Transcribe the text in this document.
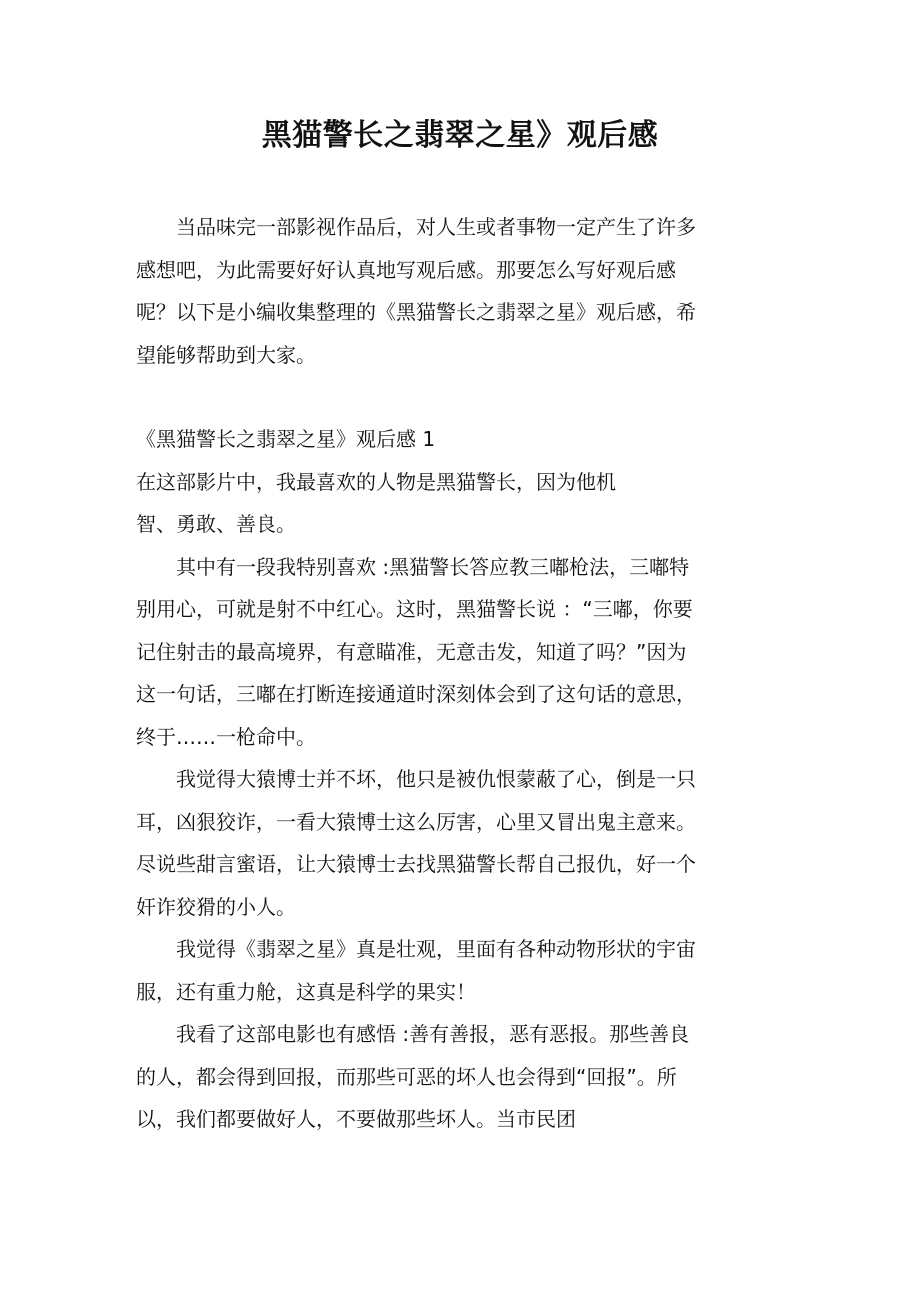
黑猫警长之翡翠之星》观后感

当品味完一部影视作品后，对人生或者事物一定产生了许多感想吧，为此需要好好认真地写观后感。那要怎么写好观后感呢？以下是小编收集整理的《黑猫警长之翡翠之星》观后感，希望能够帮助到大家。

《黑猫警长之翡翠之星》观后感 1
在这部影片中，我最喜欢的人物是黑猫警长，因为他机
智、勇敢、善良。

其中有一段我特别喜欢 :黑猫警长答应教三嘟枪法，三嘟特别用心，可就是射不中红心。这时，黑猫警长说 ：“三嘟，你要记住射击的最高境界，有意瞄准，无意击发，知道了吗？”因为这一句话，三嘟在打断连接通道时深刻体会到了这句话的意思，终于……一枪命中。

我觉得大猿博士并不坏，他只是被仇恨蒙蔽了心，倒是一只耳，凶狠狡诈，一看大猿博士这么厉害，心里又冒出鬼主意来。尽说些甜言蜜语，让大猿博士去找黑猫警长帮自己报仇，好一个奸诈狡猾的小人。

我觉得《翡翠之星》真是壮观，里面有各种动物形状的宇宙服，还有重力舱，这真是科学的果实！

我看了这部电影也有感悟 :善有善报，恶有恶报。那些善良的人，都会得到回报，而那些可恶的坏人也会得到“回报”。所以，我们都要做好人，不要做那些坏人。当市民团
